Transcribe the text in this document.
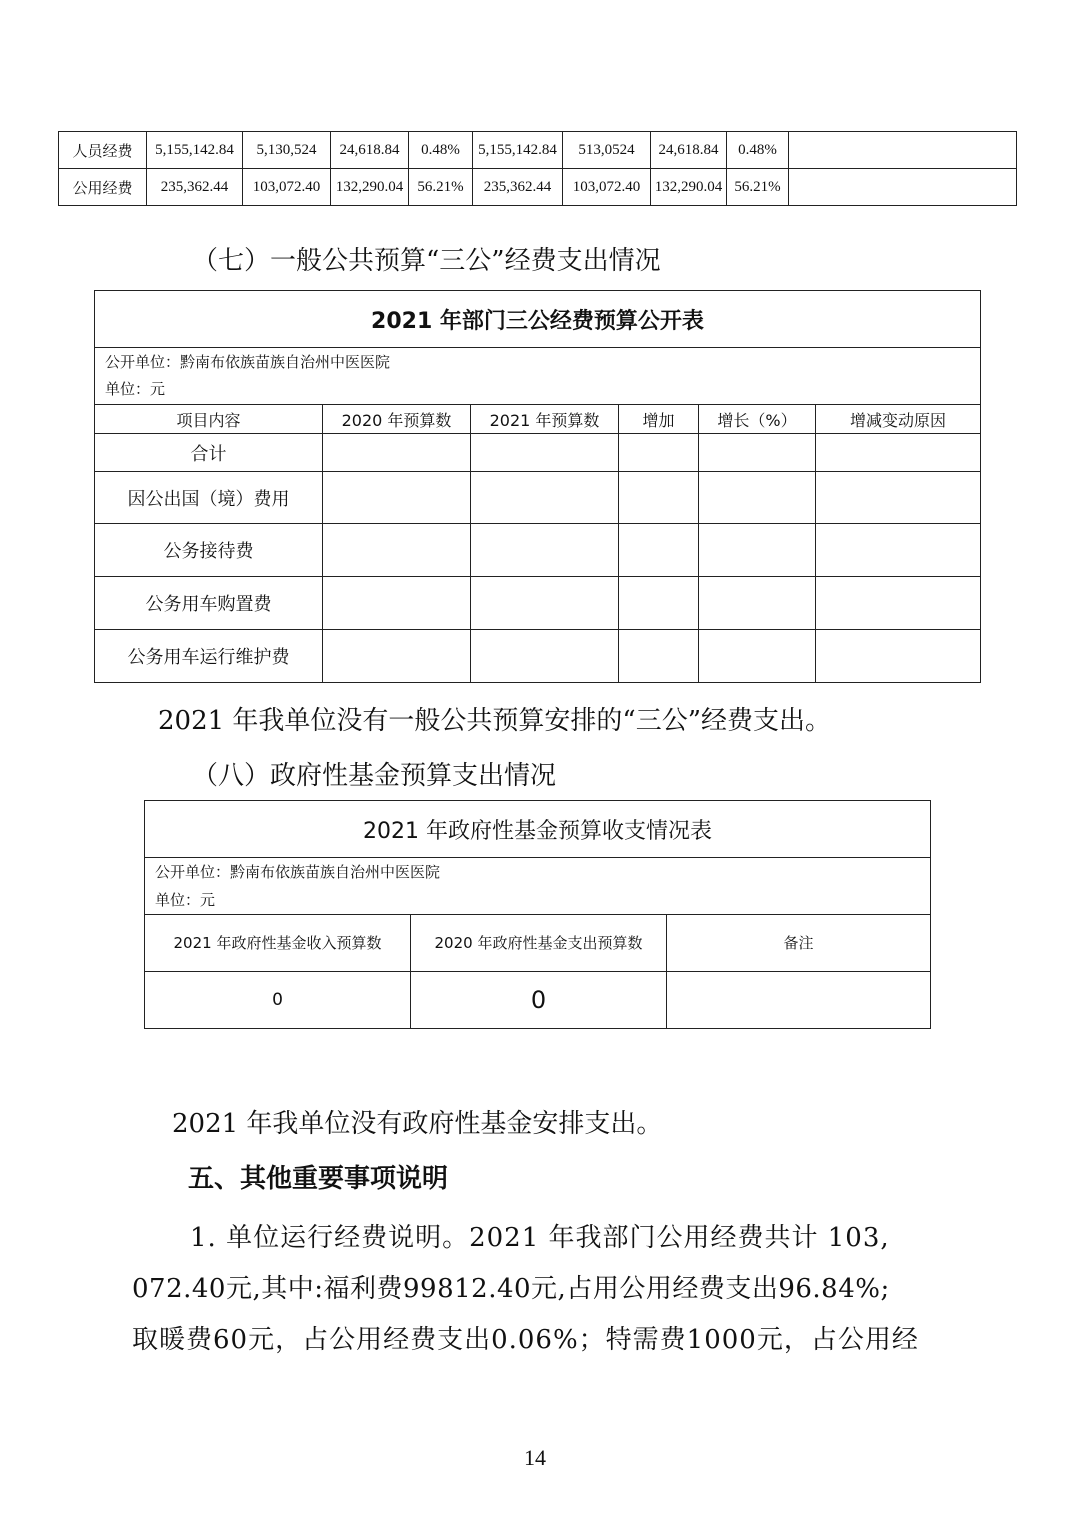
人员经费	5,155,142.84	5,130,524	24,618.84	0.48%	5,155,142.84	513,0524	24,618.84	0.48%	
公用经费	235,362.44	103,072.40	132,290.04	56.21%	235,362.44	103,072.40	132,290.04	56.21%	
（七）一般公共预算“三公”经费支出情况
2021 年部门三公经费预算公开表					

公开单位：黔南布依族苗族自治州中医医院
单位：元					

项目内容	2020 年预算数	2021 年预算数	增加	增长（%）	增减变动原因
合计					
因公出国（境）费用					
公务接待费					
公务用车购置费					
公务用车运行维护费					
2021 年我单位没有一般公共预算安排的“三公”经费支出。
（八）政府性基金预算支出情况
2021 年政府性基金预算收支情况表		

公开单位：黔南布依族苗族自治州中医医院
单位：元		

2021 年政府性基金收入预算数	2020 年政府性基金支出预算数	备注
0	0	
2021 年我单位没有政府性基金安排支出。
五、其他重要事项说明
1. 单位运行经费说明。2021 年我部门公用经费共计 103,
072.40元,其中:福利费99812.40元,占用公用经费支出96.84%;
取暖费60元，占公用经费支出0.06%；特需费1000元，占公用经
14
